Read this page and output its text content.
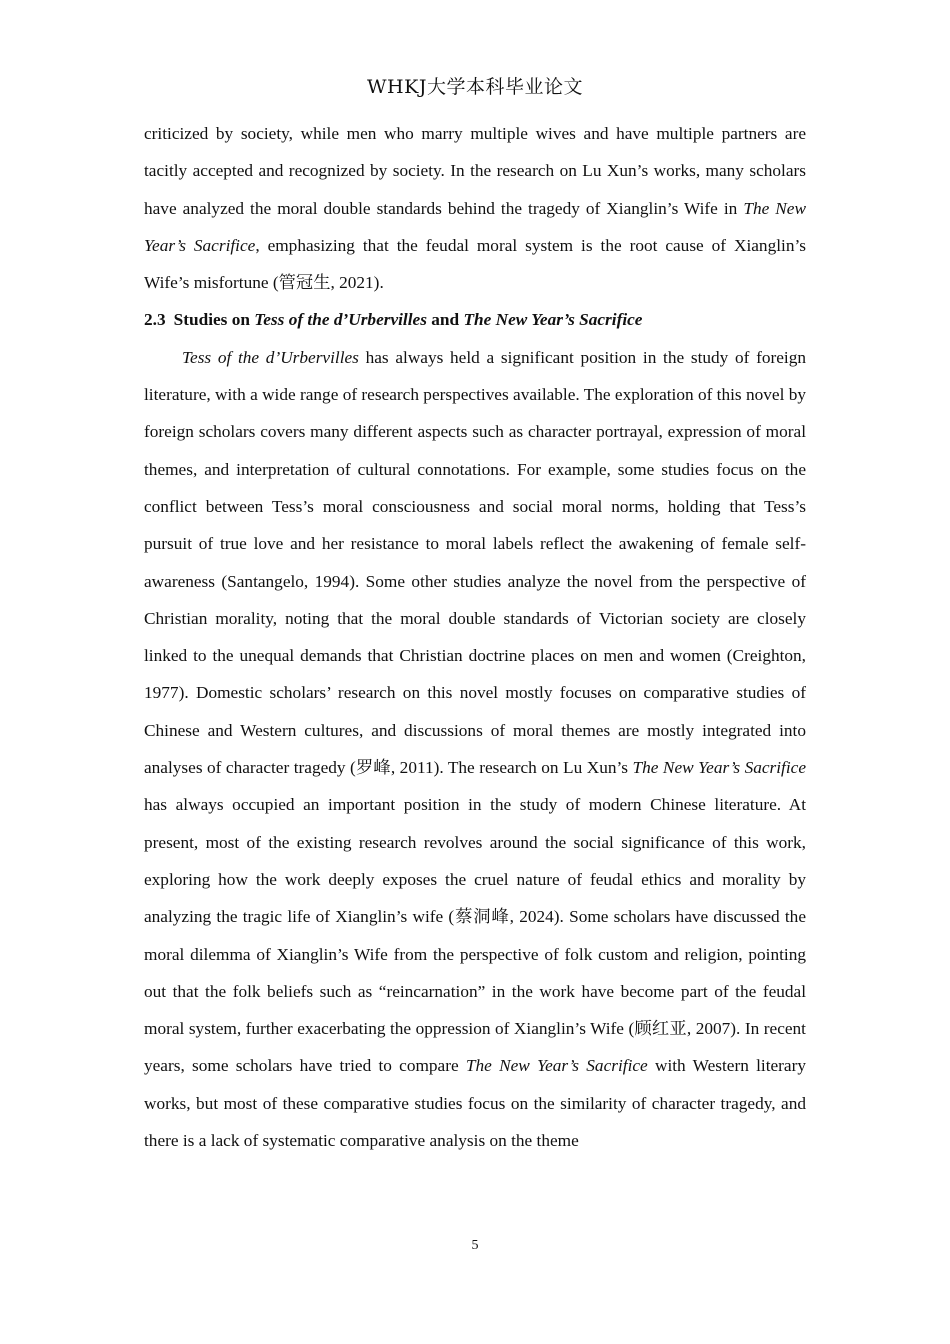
WHKJ大学本科毕业论文

criticized by society, while men who marry multiple wives and have multiple partners are tacitly accepted and recognized by society. In the research on Lu Xun’s works, many scholars have analyzed the moral double standards behind the tragedy of Xianglin’s Wife in The New Year’s Sacrifice, emphasizing that the feudal moral system is the root cause of Xianglin’s Wife’s misfortune (管冠生, 2021).

2.3 Studies on Tess of the d’Urbervilles and The New Year’s Sacrifice

Tess of the d’Urbervilles has always held a significant position in the study of foreign literature, with a wide range of research perspectives available. The exploration of this novel by foreign scholars covers many different aspects such as character portrayal, expression of moral themes, and interpretation of cultural connotations. For example, some studies focus on the conflict between Tess’s moral consciousness and social moral norms, holding that Tess’s pursuit of true love and her resistance to moral labels reflect the awakening of female self-awareness (Santangelo, 1994). Some other studies analyze the novel from the perspective of Christian morality, noting that the moral double standards of Victorian society are closely linked to the unequal demands that Christian doctrine places on men and women (Creighton, 1977). Domestic scholars’ research on this novel mostly focuses on comparative studies of Chinese and Western cultures, and discussions of moral themes are mostly integrated into analyses of character tragedy (罗峰, 2011). The research on Lu Xun’s The New Year’s Sacrifice has always occupied an important position in the study of modern Chinese literature. At present, most of the existing research revolves around the social significance of this work, exploring how the work deeply exposes the cruel nature of feudal ethics and morality by analyzing the tragic life of Xianglin’s wife (蔡洞峰, 2024). Some scholars have discussed the moral dilemma of Xianglin’s Wife from the perspective of folk custom and religion, pointing out that the folk beliefs such as “reincarnation” in the work have become part of the feudal moral system, further exacerbating the oppression of Xianglin’s Wife (顾红亚, 2007). In recent years, some scholars have tried to compare The New Year’s Sacrifice with Western literary works, but most of these comparative studies focus on the similarity of character tragedy, and there is a lack of systematic comparative analysis on the theme

5
